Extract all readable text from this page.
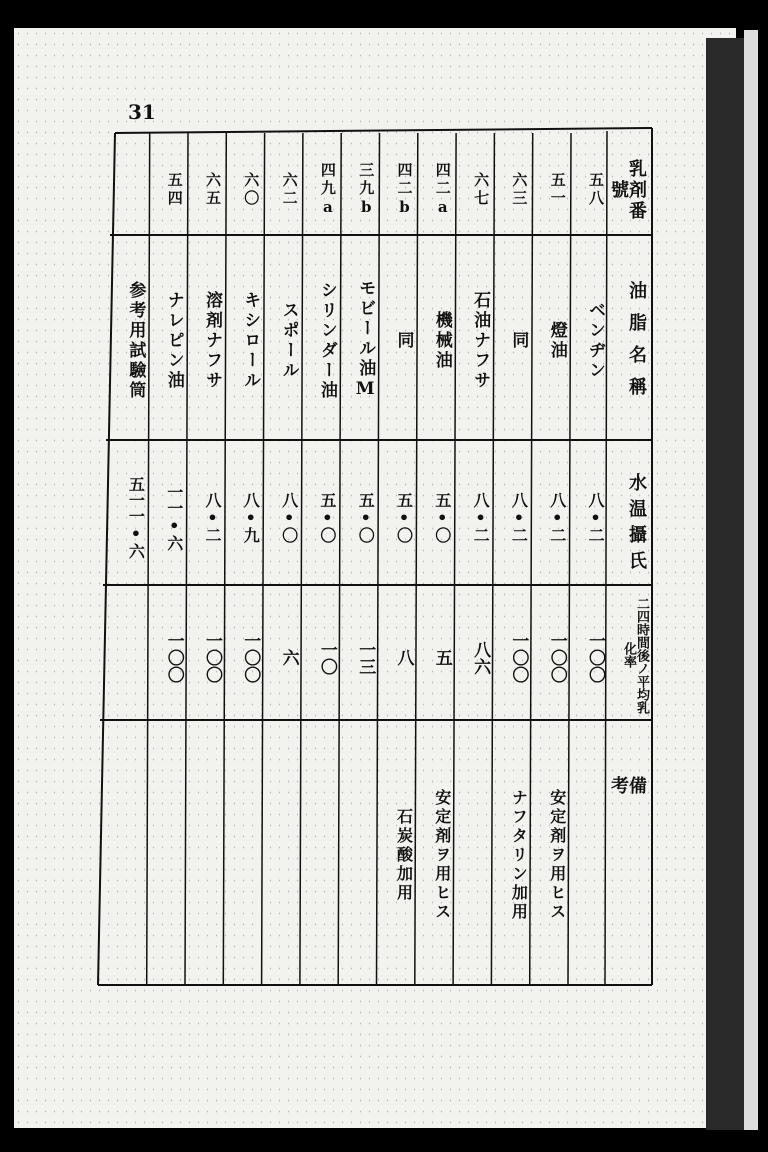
31
五八
ベンヂン
八•二
一〇〇
五一
燈油
八•二
一〇〇
安定剤ヲ用ヒス
六三
同
八•二
一〇〇
ナフタリン加用
六七
石油ナフサ
八•二
八六
四二a
機械油
五•〇
五
安定剤ヲ用ヒス
四二b
同
五•〇
八
石炭酸加用
三九b
モビール油M
五•〇
一三
四九a
シリンダー油
五•〇
一〇
六二
スポール
八•〇
六
六〇
キシロール
八•九
一〇〇
六五
溶剤ナフサ
八•二
一〇〇
五四
ナレピン油
一一•六
一〇〇
参考用試驗筒
五一一•六
乳剤番號
油脂名稱
水温攝氏
二四時間後ノ平均乳化率
備考
